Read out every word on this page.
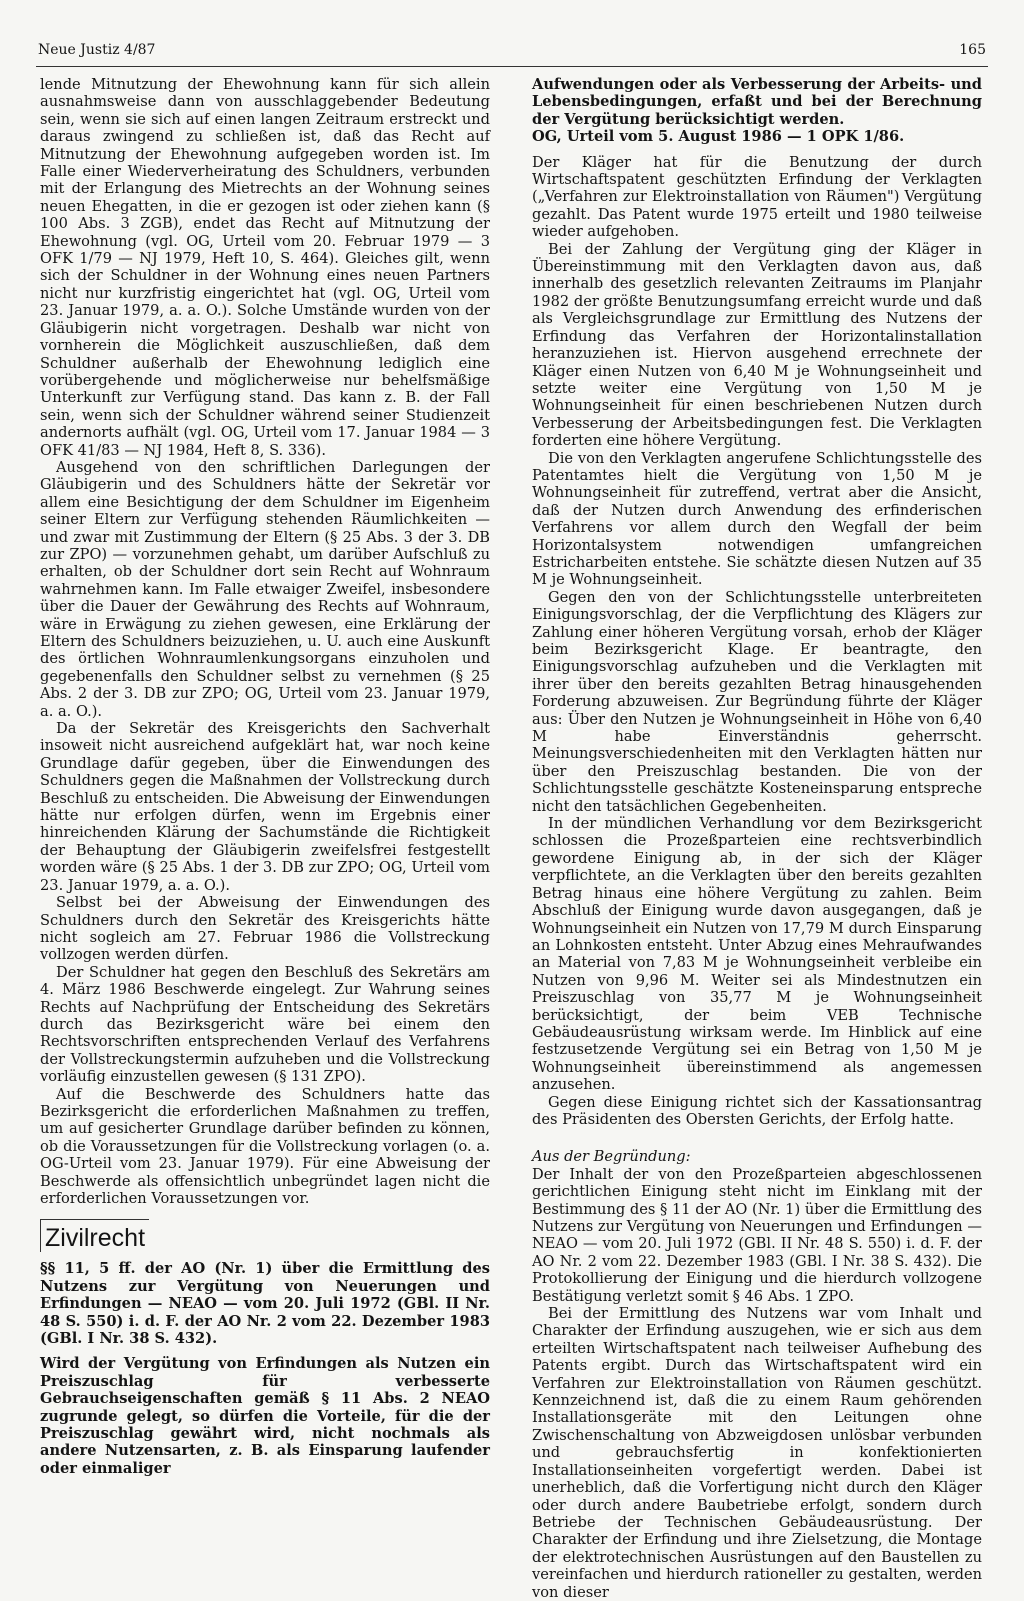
Neue Justiz 4/87	165

lende Mitnutzung der Ehewohnung kann für sich allein ausnahmsweise dann von ausschlaggebender Bedeutung sein, wenn sie sich auf einen langen Zeitraum erstreckt und daraus zwingend zu schließen ist, daß das Recht auf Mitnutzung der Ehewohnung aufgegeben worden ist. Im Falle einer Wiederverheiratung des Schuldners, verbunden mit der Erlangung des Mietrechts an der Wohnung seines neuen Ehegatten, in die er gezogen ist oder ziehen kann (§ 100 Abs. 3 ZGB), endet das Recht auf Mitnutzung der Ehewohnung (vgl. OG, Urteil vom 20. Februar 1979 — 3 OFK 1/79 — NJ 1979, Heft 10, S. 464). Gleiches gilt, wenn sich der Schuldner in der Wohnung eines neuen Partners nicht nur kurzfristig eingerichtet hat (vgl. OG, Urteil vom 23. Januar 1979, a. a. O.). Solche Umstände wurden von der Gläubigerin nicht vorgetragen. Deshalb war nicht von vornherein die Möglichkeit auszuschließen, daß dem Schuldner außerhalb der Ehewohnung lediglich eine vorübergehende und möglicherweise nur behelfsmäßige Unterkunft zur Verfügung stand. Das kann z. B. der Fall sein, wenn sich der Schuldner während seiner Studienzeit andernorts aufhält (vgl. OG, Urteil vom 17. Januar 1984 — 3 OFK 41/83 — NJ 1984, Heft 8, S. 336).

Ausgehend von den schriftlichen Darlegungen der Gläubigerin und des Schuldners hätte der Sekretär vor allem eine Besichtigung der dem Schuldner im Eigenheim seiner Eltern zur Verfügung stehenden Räumlichkeiten — und zwar mit Zustimmung der Eltern (§ 25 Abs. 3 der 3. DB zur ZPO) — vorzunehmen gehabt, um darüber Aufschluß zu erhalten, ob der Schuldner dort sein Recht auf Wohnraum wahrnehmen kann. Im Falle etwaiger Zweifel, insbesondere über die Dauer der Gewährung des Rechts auf Wohnraum, wäre in Erwägung zu ziehen gewesen, eine Erklärung der Eltern des Schuldners beizuziehen, u. U. auch eine Auskunft des örtlichen Wohnraumlenkungsorgans einzuholen und gegebenenfalls den Schuldner selbst zu vernehmen (§ 25 Abs. 2 der 3. DB zur ZPO; OG, Urteil vom 23. Januar 1979, a. a. O.).

Da der Sekretär des Kreisgerichts den Sachverhalt insoweit nicht ausreichend aufgeklärt hat, war noch keine Grundlage dafür gegeben, über die Einwendungen des Schuldners gegen die Maßnahmen der Vollstreckung durch Beschluß zu entscheiden. Die Abweisung der Einwendungen hätte nur erfolgen dürfen, wenn im Ergebnis einer hinreichenden Klärung der Sachumstände die Richtigkeit der Behauptung der Gläubigerin zweifelsfrei festgestellt worden wäre (§ 25 Abs. 1 der 3. DB zur ZPO; OG, Urteil vom 23. Januar 1979, a. a. O.).

Selbst bei der Abweisung der Einwendungen des Schuldners durch den Sekretär des Kreisgerichts hätte nicht sogleich am 27. Februar 1986 die Vollstreckung vollzogen werden dürfen.

Der Schuldner hat gegen den Beschluß des Sekretärs am 4. März 1986 Beschwerde eingelegt. Zur Wahrung seines Rechts auf Nachprüfung der Entscheidung des Sekretärs durch das Bezirksgericht wäre bei einem den Rechtsvorschriften entsprechenden Verlauf des Verfahrens der Vollstreckungstermin aufzuheben und die Vollstreckung vorläufig einzustellen gewesen (§ 131 ZPO).

Auf die Beschwerde des Schuldners hatte das Bezirksgericht die erforderlichen Maßnahmen zu treffen, um auf gesicherter Grundlage darüber befinden zu können, ob die Voraussetzungen für die Vollstreckung vorlagen (o. a. OG-Urteil vom 23. Januar 1979). Für eine Abweisung der Beschwerde als offensichtlich unbegründet lagen nicht die erforderlichen Voraussetzungen vor.

Zivilrecht

§§ 11, 5 ff. der AO (Nr. 1) über die Ermittlung des Nutzens zur Vergütung von Neuerungen und Erfindungen — NEAO — vom 20. Juli 1972 (GBl. II Nr. 48 S. 550) i. d. F. der AO Nr. 2 vom 22. Dezember 1983 (GBl. I Nr. 38 S. 432).

Wird der Vergütung von Erfindungen als Nutzen ein Preiszuschlag für verbesserte Gebrauchseigenschaften gemäß § 11 Abs. 2 NEAO zugrunde gelegt, so dürfen die Vorteile, für die der Preiszuschlag gewährt wird, nicht nochmals als andere Nutzensarten, z. B. als Einsparung laufender oder einmaliger

Aufwendungen oder als Verbesserung der Arbeits- und Lebensbedingungen, erfaßt und bei der Berechnung der Vergütung berücksichtigt werden.

OG, Urteil vom 5. August 1986 — 1 OPK 1/86.

Der Kläger hat für die Benutzung der durch Wirtschaftspatent geschützten Erfindung der Verklagten („Verfahren zur Elektroinstallation von Räumen") Vergütung gezahlt. Das Patent wurde 1975 erteilt und 1980 teilweise wieder aufgehoben.

Bei der Zahlung der Vergütung ging der Kläger in Übereinstimmung mit den Verklagten davon aus, daß innerhalb des gesetzlich relevanten Zeitraums im Planjahr 1982 der größte Benutzungsumfang erreicht wurde und daß als Vergleichsgrundlage zur Ermittlung des Nutzens der Erfindung das Verfahren der Horizontalinstallation heranzuziehen ist. Hiervon ausgehend errechnete der Kläger einen Nutzen von 6,40 M je Wohnungseinheit und setzte weiter eine Vergütung von 1,50 M je Wohnungseinheit für einen beschriebenen Nutzen durch Verbesserung der Arbeitsbedingungen fest. Die Verklagten forderten eine höhere Vergütung.

Die von den Verklagten angerufene Schlichtungsstelle des Patentamtes hielt die Vergütung von 1,50 M je Wohnungseinheit für zutreffend, vertrat aber die Ansicht, daß der Nutzen durch Anwendung des erfinderischen Verfahrens vor allem durch den Wegfall der beim Horizontalsystem notwendigen umfangreichen Estricharbeiten entstehe. Sie schätzte diesen Nutzen auf 35 M je Wohnungseinheit.

Gegen den von der Schlichtungsstelle unterbreiteten Einigungsvorschlag, der die Verpflichtung des Klägers zur Zahlung einer höheren Vergütung vorsah, erhob der Kläger beim Bezirksgericht Klage. Er beantragte, den Einigungsvorschlag aufzuheben und die Verklagten mit ihrer über den bereits gezahlten Betrag hinausgehenden Forderung abzuweisen. Zur Begründung führte der Kläger aus: Über den Nutzen je Wohnungseinheit in Höhe von 6,40 M habe Einverständnis geherrscht. Meinungsverschiedenheiten mit den Verklagten hätten nur über den Preiszuschlag bestanden. Die von der Schlichtungsstelle geschätzte Kosteneinsparung entspreche nicht den tatsächlichen Gegebenheiten.

In der mündlichen Verhandlung vor dem Bezirksgericht schlossen die Prozeßparteien eine rechtsverbindlich gewordene Einigung ab, in der sich der Kläger verpflichtete, an die Verklagten über den bereits gezahlten Betrag hinaus eine höhere Vergütung zu zahlen. Beim Abschluß der Einigung wurde davon ausgegangen, daß je Wohnungseinheit ein Nutzen von 17,79 M durch Einsparung an Lohnkosten entsteht. Unter Abzug eines Mehraufwandes an Material von 7,83 M je Wohnungseinheit verbleibe ein Nutzen von 9,96 M. Weiter sei als Mindestnutzen ein Preiszuschlag von 35,77 M je Wohnungseinheit berücksichtigt, der beim VEB Technische Gebäudeausrüstung wirksam werde. Im Hinblick auf eine festzusetzende Vergütung sei ein Betrag von 1,50 M je Wohnungseinheit übereinstimmend als angemessen anzusehen.

Gegen diese Einigung richtet sich der Kassationsantrag des Präsidenten des Obersten Gerichts, der Erfolg hatte.

Aus der Begründung:

Der Inhalt der von den Prozeßparteien abgeschlossenen gerichtlichen Einigung steht nicht im Einklang mit der Bestimmung des § 11 der AO (Nr. 1) über die Ermittlung des Nutzens zur Vergütung von Neuerungen und Erfindungen — NEAO — vom 20. Juli 1972 (GBl. II Nr. 48 S. 550) i. d. F. der AO Nr. 2 vom 22. Dezember 1983 (GBl. I Nr. 38 S. 432). Die Protokollierung der Einigung und die hierdurch vollzogene Bestätigung verletzt somit § 46 Abs. 1 ZPO.

Bei der Ermittlung des Nutzens war vom Inhalt und Charakter der Erfindung auszugehen, wie er sich aus dem erteilten Wirtschaftspatent nach teilweiser Aufhebung des Patents ergibt. Durch das Wirtschaftspatent wird ein Verfahren zur Elektroinstallation von Räumen geschützt. Kennzeichnend ist, daß die zu einem Raum gehörenden Installationsgeräte mit den Leitungen ohne Zwischenschaltung von Abzweigdosen unlösbar verbunden und gebrauchsfertig in konfektionierten Installationseinheiten vorgefertigt werden. Dabei ist unerheblich, daß die Vorfertigung nicht durch den Kläger oder durch andere Baubetriebe erfolgt, sondern durch Betriebe der Technischen Gebäudeausrüstung. Der Charakter der Erfindung und ihre Zielsetzung, die Montage der elektrotechnischen Ausrüstungen auf den Baustellen zu vereinfachen und hierdurch rationeller zu gestalten, werden von dieser
